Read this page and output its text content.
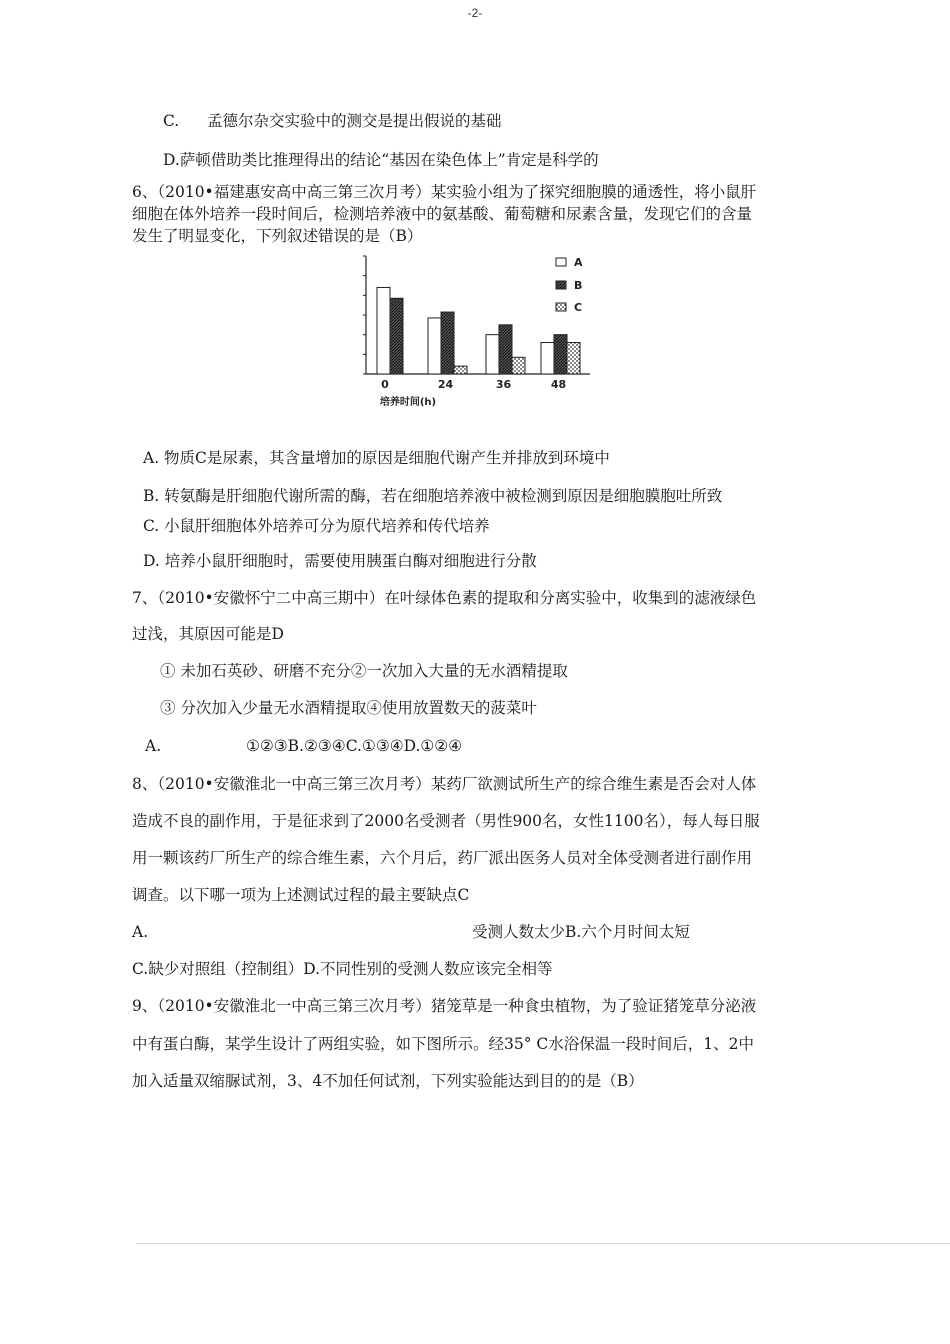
-2-
C. 孟德尔杂交实验中的测交是提出假说的基础
D.萨顿借助类比推理得出的结论“基因在染色体上”肯定是科学的
6、（2010•福建惠安高中高三第三次月考）某实验小组为了探究细胞膜的通透性，将小鼠肝
细胞在体外培养一段时间后，检测培养液中的氨基酸、葡萄糖和尿素含量，发现它们的含量
发生了明显变化，下列叙述错误的是（B）
0	24	36	48
培养时间(h)
A
B
C
A. 物质C是尿素，其含量增加的原因是细胞代谢产生并排放到环境中
B. 转氨酶是肝细胞代谢所需的酶，若在细胞培养液中被检测到原因是细胞膜胞吐所致
C. 小鼠肝细胞体外培养可分为原代培养和传代培养
D. 培养小鼠肝细胞时，需要使用胰蛋白酶对细胞进行分散
7、（2010•安徽怀宁二中高三期中）在叶绿体色素的提取和分离实验中，收集到的滤液绿色
过浅，其原因可能是D
① 未加石英砂、研磨不充分②一次加入大量的无水酒精提取
③ 分次加入少量无水酒精提取④使用放置数天的菠菜叶
A.	①②③B.②③④C.①③④D.①②④
8、（2010•安徽淮北一中高三第三次月考）某药厂欲测试所生产的综合维生素是否会对人体
造成不良的副作用，于是征求到了2000名受测者（男性900名，女性1100名），每人每日服
用一颗该药厂所生产的综合维生素，六个月后，药厂派出医务人员对全体受测者进行副作用
调查。以下哪一项为上述测试过程的最主要缺点C
A.	受测人数太少B.六个月时间太短
C.缺少对照组（控制组）D.不同性别的受测人数应该完全相等
9、（2010•安徽淮北一中高三第三次月考）猪笼草是一种食虫植物，为了验证猪笼草分泌液
中有蛋白酶，某学生设计了两组实验，如下图所示。经35° C水浴保温一段时间后，1、2中
加入适量双缩脲试剂，3、4不加任何试剂，下列实验能达到目的的是（B）
